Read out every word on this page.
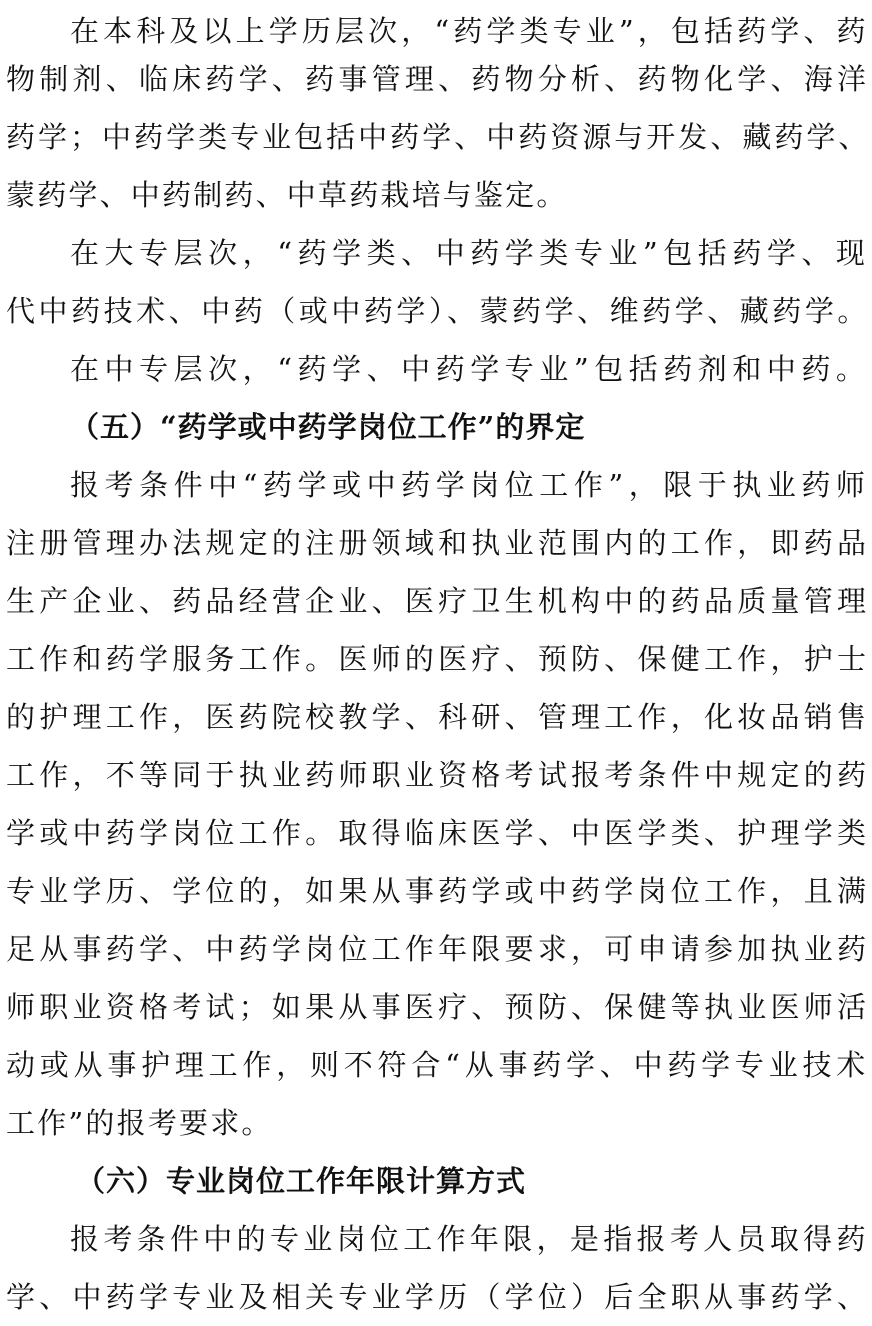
在本科及以上学历层次，“药学类专业”，包括药学、药
物制剂、临床药学、药事管理、药物分析、药物化学、海洋
药学；中药学类专业包括中药学、中药资源与开发、藏药学、
蒙药学、中药制药、中草药栽培与鉴定。
在大专层次，“药学类、中药学类专业”包括药学、现
代中药技术、中药（或中药学）、蒙药学、维药学、藏药学。
在中专层次，“药学、中药学专业”包括药剂和中药。
（五）“药学或中药学岗位工作”的界定
报考条件中“药学或中药学岗位工作”，限于执业药师
注册管理办法规定的注册领域和执业范围内的工作，即药品
生产企业、药品经营企业、医疗卫生机构中的药品质量管理
工作和药学服务工作。医师的医疗、预防、保健工作，护士
的护理工作，医药院校教学、科研、管理工作，化妆品销售
工作，不等同于执业药师职业资格考试报考条件中规定的药
学或中药学岗位工作。取得临床医学、中医学类、护理学类
专业学历、学位的，如果从事药学或中药学岗位工作，且满
足从事药学、中药学岗位工作年限要求，可申请参加执业药
师职业资格考试；如果从事医疗、预防、保健等执业医师活
动或从事护理工作，则不符合“从事药学、中药学专业技术
工作”的报考要求。
（六）专业岗位工作年限计算方式
报考条件中的专业岗位工作年限，是指报考人员取得药
学、中药学专业及相关专业学历（学位）后全职从事药学、
